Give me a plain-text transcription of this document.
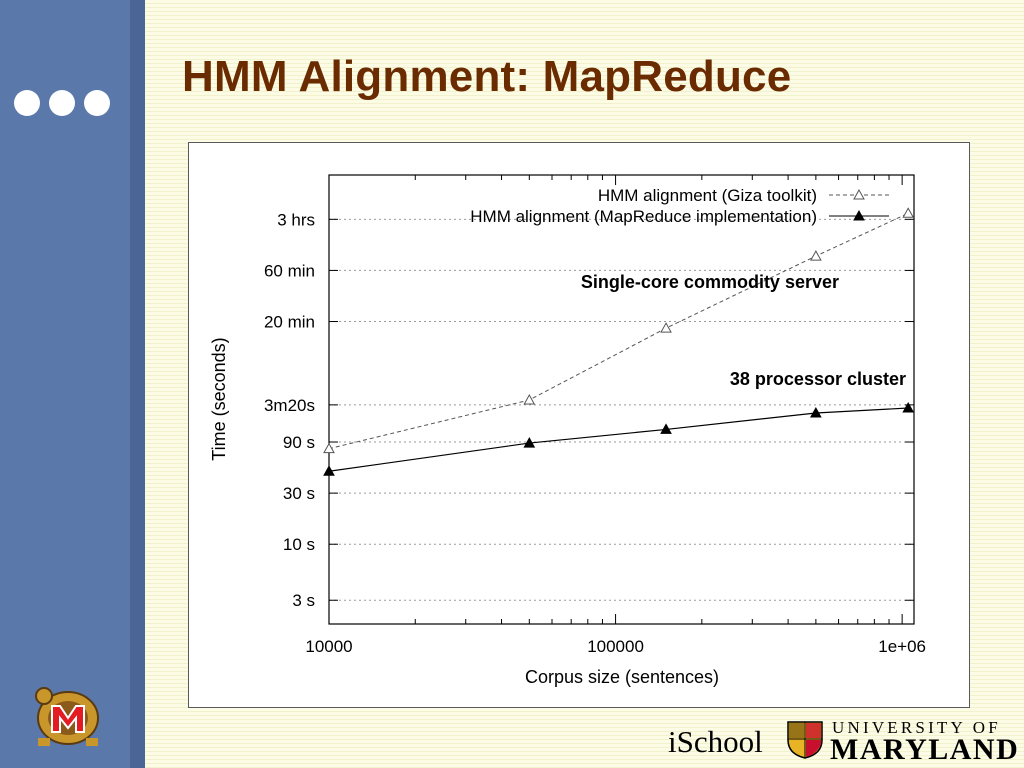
HMM Alignment: MapReduce
3 s
10 s
30 s
90 s
3m20s
20 min
60 min
3 hrs
10000	100000	1e+06
HMM alignment (Giza toolkit)
HMM alignment (MapReduce implementation)
Single-core commodity server
38 processor cluster
Corpus size (sentences)
Time (seconds)
iSchool	UNIVERSITY OF
MARYLAND
